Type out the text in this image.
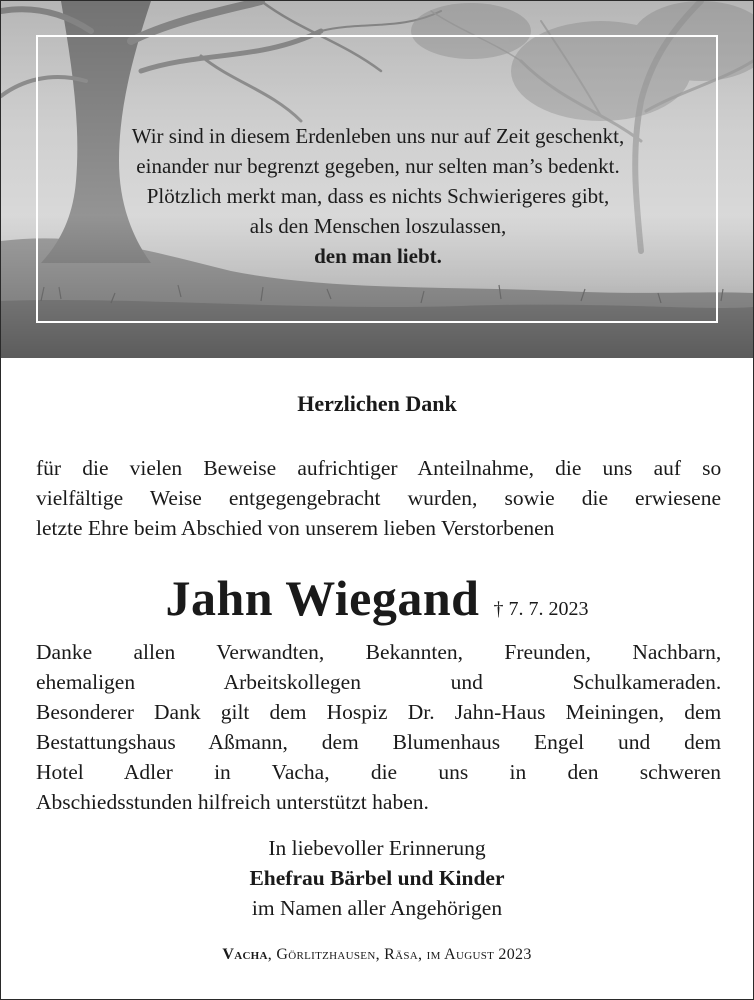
Wir sind in diesem Erdenleben uns nur auf Zeit geschenkt,
einander nur begrenzt gegeben, nur selten man’s bedenkt.
Plötzlich merkt man, dass es nichts Schwierigeres gibt,
als den Menschen loszulassen,
den man liebt.
Herzlichen Dank
für die vielen Beweise aufrichtiger Anteilnahme, die uns auf so
vielfältige Weise entgegengebracht wurden, sowie die erwiesene
letzte Ehre beim Abschied von unserem lieben Verstorbenen
Jahn Wiegand † 7. 7. 2023
Danke allen Verwandten, Bekannten, Freunden, Nachbarn,
ehemaligen Arbeitskollegen und Schulkameraden.
Besonderer Dank gilt dem Hospiz Dr. Jahn-Haus Meiningen, dem
Bestattungshaus Aßmann, dem Blumenhaus Engel und dem
Hotel Adler in Vacha, die uns in den schweren
Abschiedsstunden hilfreich unterstützt haben.
In liebevoller Erinnerung
Ehefrau Bärbel und Kinder
im Namen aller Angehörigen
Vacha, Görlitzhausen, Räsa, im August 2023
